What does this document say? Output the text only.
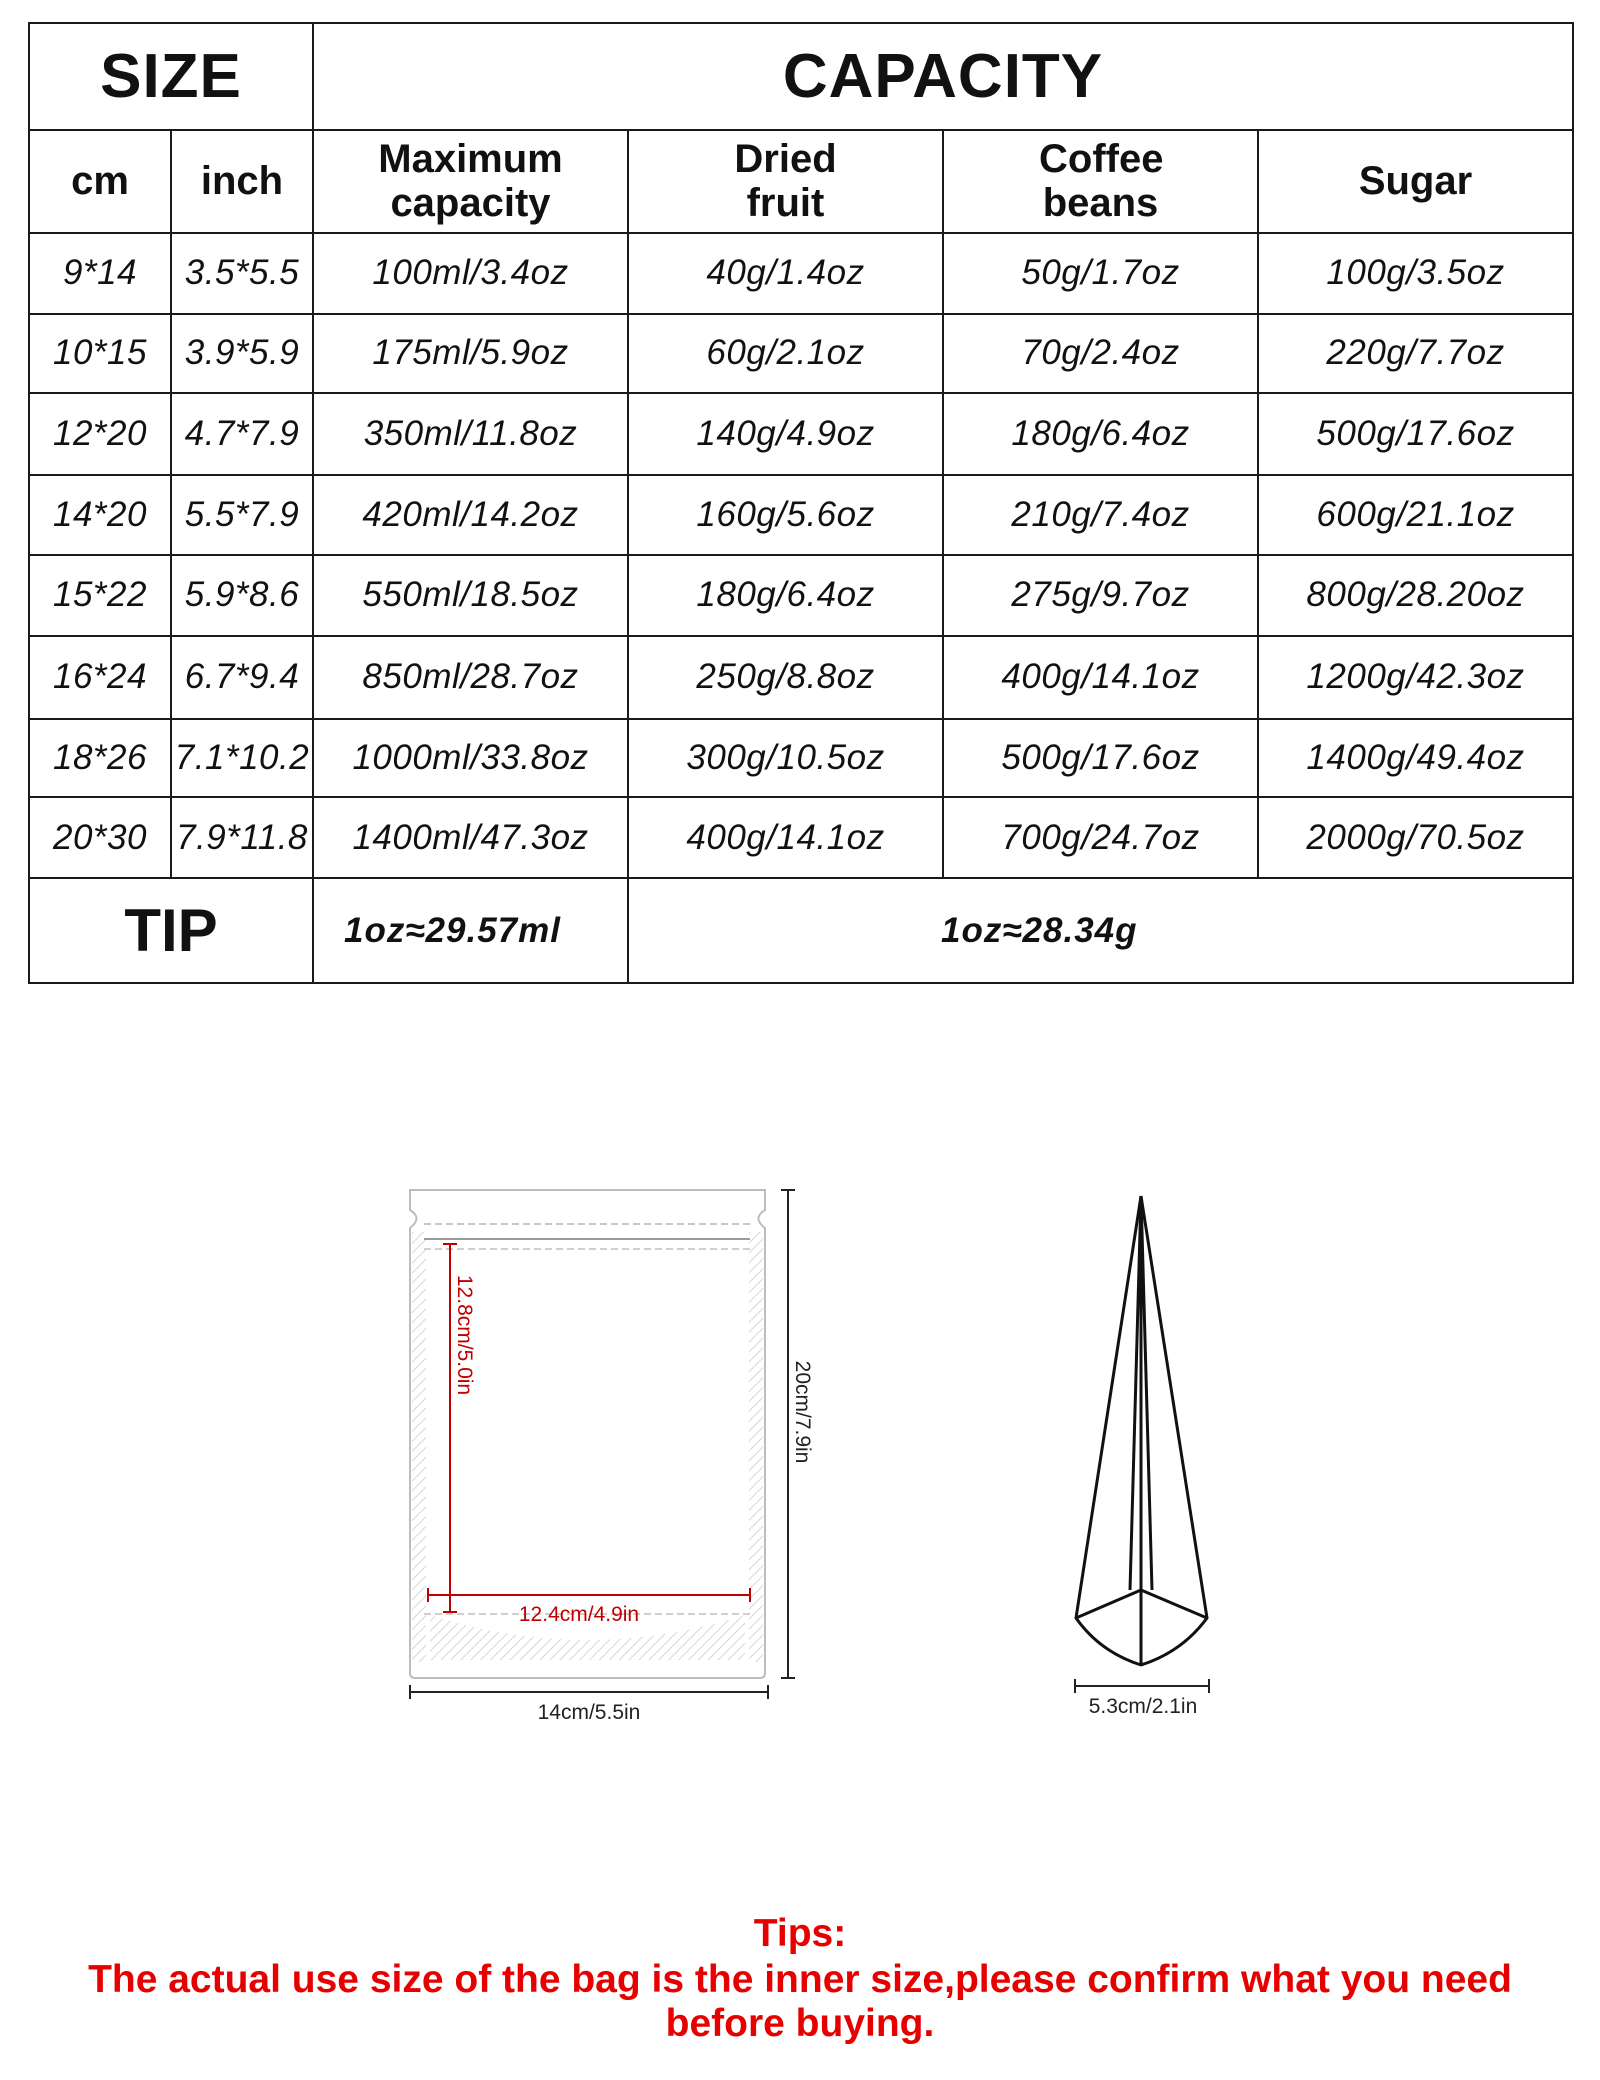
SIZE		CAPACITY			
cm	inch	Maximum capacity	Dried fruit	Coffee beans	Sugar
9*14	3.5*5.5	100ml/3.4oz	40g/1.4oz	50g/1.7oz	100g/3.5oz
10*15	3.9*5.9	175ml/5.9oz	60g/2.1oz	70g/2.4oz	220g/7.7oz
12*20	4.7*7.9	350ml/11.8oz	140g/4.9oz	180g/6.4oz	500g/17.6oz
14*20	5.5*7.9	420ml/14.2oz	160g/5.6oz	210g/7.4oz	600g/21.1oz
15*22	5.9*8.6	550ml/18.5oz	180g/6.4oz	275g/9.7oz	800g/28.20oz
16*24	6.7*9.4	850ml/28.7oz	250g/8.8oz	400g/14.1oz	1200g/42.3oz
18*26	7.1*10.2	1000ml/33.8oz	300g/10.5oz	500g/17.6oz	1400g/49.4oz
20*30	7.9*11.8	1400ml/47.3oz	400g/14.1oz	700g/24.7oz	2000g/70.5oz
TIP		1oz≈29.57ml	1oz≈28.34g		
12.8cm/5.0in
12.4cm/4.9in
20cm/7.9in
14cm/5.5in	5.3cm/2.1in
Tips:
The actual use size of the bag is the inner size,please confirm what you need before buying.
